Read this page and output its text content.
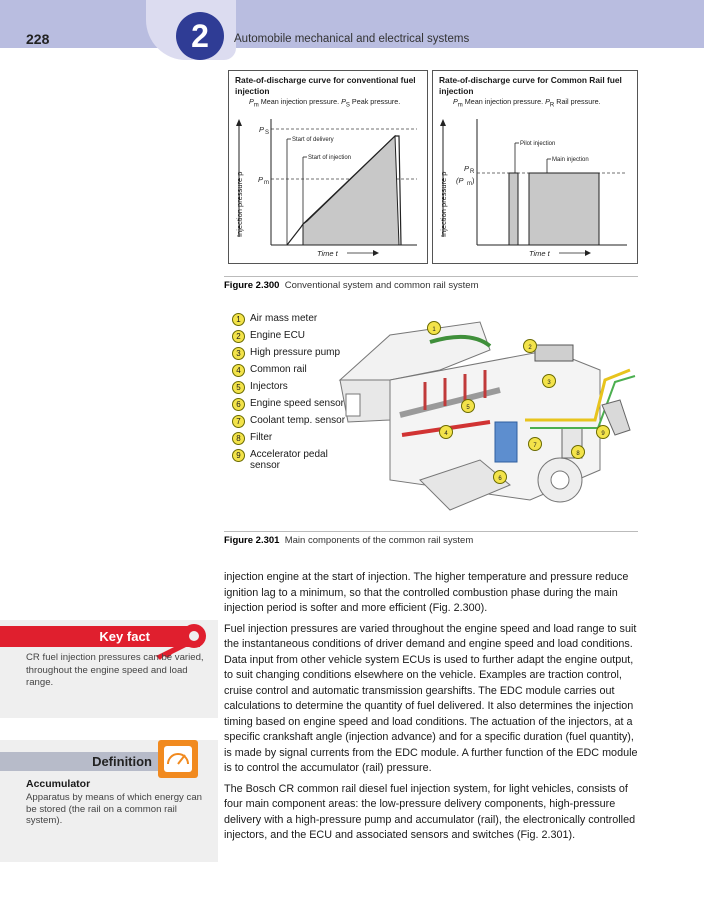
228	2	Automobile mechanical and electrical systems
Rate-of-discharge curve for conventional fuel injection
$P_m$ Mean injection pressure. $P_S$ Peak pressure.
Injection pressure p
P S
P m
Start of delivery
Start of injection
Time t
Rate-of-discharge curve for Common Rail fuel injection
$P_m$ Mean injection pressure. $P_R$ Rail pressure.
Injection pressure p
P R
(P m )
Pilot injection
Main injection
Time t
Figure 2.300 Conventional system and common rail system
1 Air mass meter
2 Engine ECU
3 High pressure pump
4 Common rail
5 Injectors
6 Engine speed sensor
7 Coolant temp. sensor
8 Filter
9 Accelerator pedal sensor
1
2
3
4
5
6
7
8
9
Figure 2.301 Main components of the common rail system

injection engine at the start of injection. The higher temperature and pressure reduce ignition lag to a minimum, so that the controlled combustion phase during the main injection period is softer and more efficient (Fig. 2.300).

Fuel injection pressures are varied throughout the engine speed and load range to suit the instantaneous conditions of driver demand and engine speed and load conditions. Data input from other vehicle system ECUs is used to further adapt the engine output, to suit changing conditions elsewhere on the vehicle. Examples are traction control, cruise control and automatic transmission gearshifts. The EDC module carries out calculations to determine the quantity of fuel delivered. It also determines the injection timing based on engine speed and load conditions. The actuation of the injectors, at a specific crankshaft angle (injection advance) and for a specific duration (fuel quantity), is made by signal currents from the EDC module. A further function of the EDC module is to control the accumulator (rail) pressure.

The Bosch CR common rail diesel fuel injection system, for light vehicles, consists of four main component areas: the low-pressure delivery components, high-pressure delivery with a high-pressure pump and accumulator (rail), the electronically controlled injectors, and the ECU and associated sensors and switches (Fig. 2.301).

Key fact
CR fuel injection pressures can be varied, throughout the engine speed and load range.
Definition
Accumulator
Apparatus by means of which energy can be stored (the rail on a common rail system).
